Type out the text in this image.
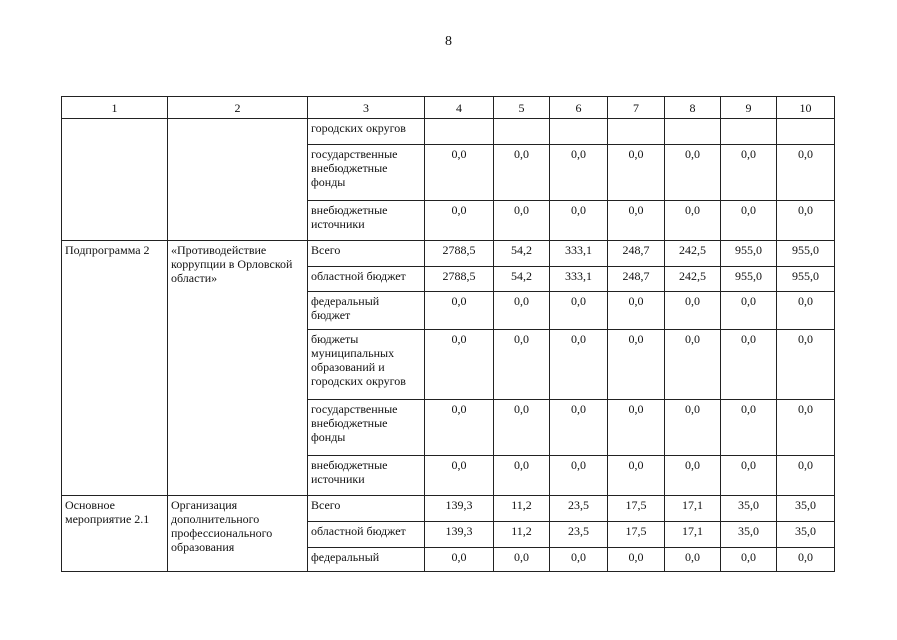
8
1	2	3	4	5	6	7	8	9	10
		городских округов							
		государственные внебюджетные фонды	0,0	0,0	0,0	0,0	0,0	0,0	0,0
		внебюджетные источники	0,0	0,0	0,0	0,0	0,0	0,0	0,0
Подпрограмма 2	«Противодействие коррупции в Орловской области»	Всего	2788,5	54,2	333,1	248,7	242,5	955,0	955,0
		областной бюджет	2788,5	54,2	333,1	248,7	242,5	955,0	955,0
		федеральный бюджет	0,0	0,0	0,0	0,0	0,0	0,0	0,0
		бюджеты муниципальных образований и городских округов	0,0	0,0	0,0	0,0	0,0	0,0	0,0
		государственные внебюджетные фонды	0,0	0,0	0,0	0,0	0,0	0,0	0,0
		внебюджетные источники	0,0	0,0	0,0	0,0	0,0	0,0	0,0
Основное мероприятие 2.1	Организация дополнительного профессионального образования	Всего	139,3	11,2	23,5	17,5	17,1	35,0	35,0
		областной бюджет	139,3	11,2	23,5	17,5	17,1	35,0	35,0
		федеральный	0,0	0,0	0,0	0,0	0,0	0,0	0,0
